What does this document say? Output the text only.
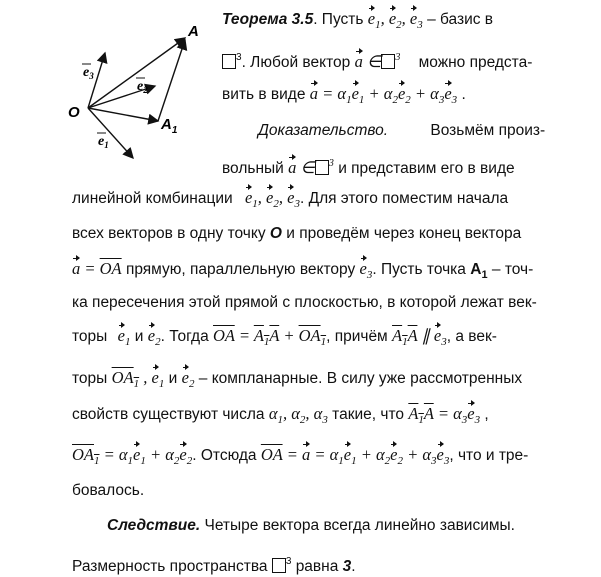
O
A
$A_1$
$e_3$
$e_2$
$e_1$
Теорема 3.5. Пусть $e_1$, $e_2$, $e_3$ – базис в
$^3$. Любой вектор a ∈ $^3$ можно предста-
вить в виде $a = \alpha_1e_1 + \alpha_2e_2 + \alpha_3e_3$ .
Доказательство.	Возьмём произ-
вольный a ∈ $^3$ и представим его в виде
линейной комбинации $e_1$, $e_2$, $e_3$. Для этого поместим начала
всех векторов в одну точку O и проведём через конец вектора
$a = \overline{OA}$ прямую, параллельную вектору $e_3$. Пусть точка $A_1 - точ-$
ка пересечения этой прямой с плоскостью, в которой лежат век-
торы $e_1$ и $e_2$. Тогда $\overline{OA} = A_1A + OA_1$, причём $A_1A$ ∥ $e_3$, а век-
торы $OA_1$ , $e_1$ и $e_2$ – компланарные. В силу уже рассмотренных
свойств существуют числа $\alpha_1$, $\alpha_2$, $\alpha_3$ такие, что $A_1A = \alpha_3e_3$ ,
$OA_1 = \alpha_1e_1 + \alpha_2e_2$. Отсюда $\overline{OA} = a = \alpha_1e_1 + \alpha_2e_2 + \alpha_3e_3$, что и тре-
бовалось.
Следствие. Четыре вектора всегда линейно зависимы.
Размерность пространства $^3$ равна 3.
